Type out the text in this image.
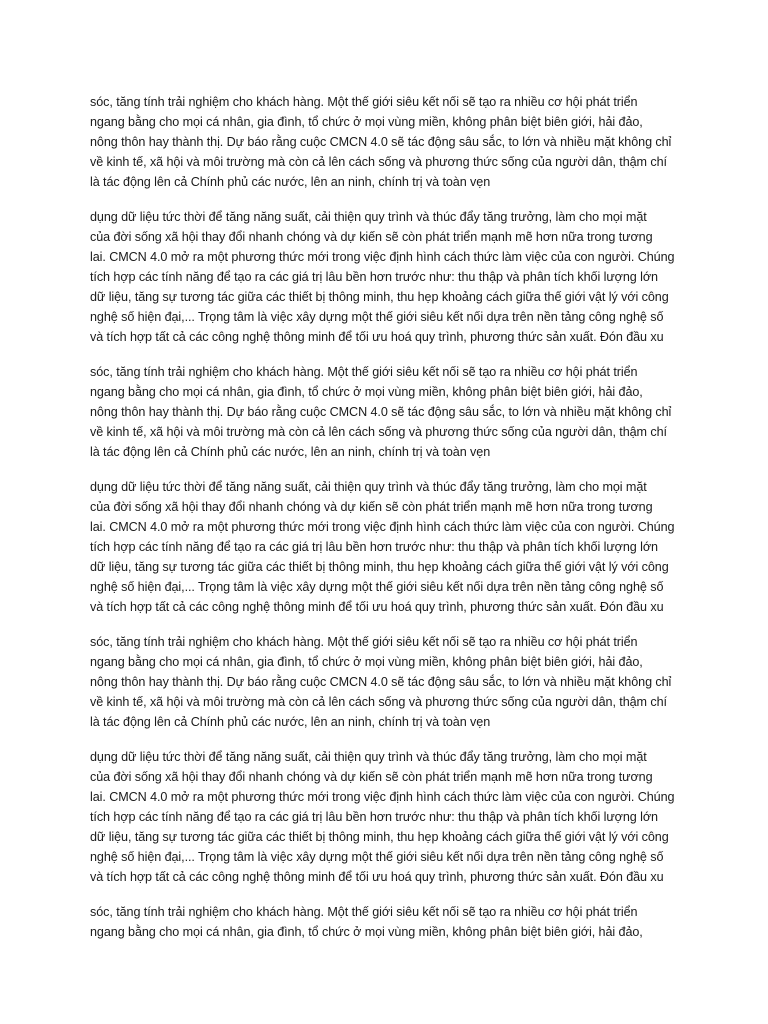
sóc, tăng tính trải nghiệm cho khách hàng. Một thế giới siêu kết nối sẽ tạo ra nhiều cơ hội phát triển
ngang bằng cho mọi cá nhân, gia đình, tổ chức ở mọi vùng miền, không phân biệt biên giới, hải đảo,
nông thôn hay thành thị. Dự báo rằng cuộc CMCN 4.0 sẽ tác động sâu sắc, to lớn và nhiều mặt không chỉ
về kinh tế, xã hội và môi trường mà còn cả lên cách sống và phương thức sống của người dân, thậm chí
là tác động lên cả Chính phủ các nước, lên an ninh, chính trị và toàn vẹn
dụng dữ liệu tức thời để tăng năng suất, cải thiện quy trình và thúc đẩy tăng trưởng, làm cho mọi mặt
của đời sống xã hội thay đổi nhanh chóng và dự kiến sẽ còn phát triển mạnh mẽ hơn nữa trong tương
lai. CMCN 4.0 mở ra một phương thức mới trong việc định hình cách thức làm việc của con người. Chúng
tích hợp các tính năng để tạo ra các giá trị lâu bền hơn trước như: thu thập và phân tích khối lượng lớn
dữ liệu, tăng sự tương tác giữa các thiết bị thông minh, thu hẹp khoảng cách giữa thế giới vật lý với công
nghệ số hiện đại,... Trọng tâm là việc xây dựng một thế giới siêu kết nối dựa trên nền tảng công nghệ số
và tích hợp tất cả các công nghệ thông minh để tối ưu hoá quy trình, phương thức sản xuất. Đón đầu xu
sóc, tăng tính trải nghiệm cho khách hàng. Một thế giới siêu kết nối sẽ tạo ra nhiều cơ hội phát triển
ngang bằng cho mọi cá nhân, gia đình, tổ chức ở mọi vùng miền, không phân biệt biên giới, hải đảo,
nông thôn hay thành thị. Dự báo rằng cuộc CMCN 4.0 sẽ tác động sâu sắc, to lớn và nhiều mặt không chỉ
về kinh tế, xã hội và môi trường mà còn cả lên cách sống và phương thức sống của người dân, thậm chí
là tác động lên cả Chính phủ các nước, lên an ninh, chính trị và toàn vẹn
dụng dữ liệu tức thời để tăng năng suất, cải thiện quy trình và thúc đẩy tăng trưởng, làm cho mọi mặt
của đời sống xã hội thay đổi nhanh chóng và dự kiến sẽ còn phát triển mạnh mẽ hơn nữa trong tương
lai. CMCN 4.0 mở ra một phương thức mới trong việc định hình cách thức làm việc của con người. Chúng
tích hợp các tính năng để tạo ra các giá trị lâu bền hơn trước như: thu thập và phân tích khối lượng lớn
dữ liệu, tăng sự tương tác giữa các thiết bị thông minh, thu hẹp khoảng cách giữa thế giới vật lý với công
nghệ số hiện đại,... Trọng tâm là việc xây dựng một thế giới siêu kết nối dựa trên nền tảng công nghệ số
và tích hợp tất cả các công nghệ thông minh để tối ưu hoá quy trình, phương thức sản xuất. Đón đầu xu
sóc, tăng tính trải nghiệm cho khách hàng. Một thế giới siêu kết nối sẽ tạo ra nhiều cơ hội phát triển
ngang bằng cho mọi cá nhân, gia đình, tổ chức ở mọi vùng miền, không phân biệt biên giới, hải đảo,
nông thôn hay thành thị. Dự báo rằng cuộc CMCN 4.0 sẽ tác động sâu sắc, to lớn và nhiều mặt không chỉ
về kinh tế, xã hội và môi trường mà còn cả lên cách sống và phương thức sống của người dân, thậm chí
là tác động lên cả Chính phủ các nước, lên an ninh, chính trị và toàn vẹn
dụng dữ liệu tức thời để tăng năng suất, cải thiện quy trình và thúc đẩy tăng trưởng, làm cho mọi mặt
của đời sống xã hội thay đổi nhanh chóng và dự kiến sẽ còn phát triển mạnh mẽ hơn nữa trong tương
lai. CMCN 4.0 mở ra một phương thức mới trong việc định hình cách thức làm việc của con người. Chúng
tích hợp các tính năng để tạo ra các giá trị lâu bền hơn trước như: thu thập và phân tích khối lượng lớn
dữ liệu, tăng sự tương tác giữa các thiết bị thông minh, thu hẹp khoảng cách giữa thế giới vật lý với công
nghệ số hiện đại,... Trọng tâm là việc xây dựng một thế giới siêu kết nối dựa trên nền tảng công nghệ số
và tích hợp tất cả các công nghệ thông minh để tối ưu hoá quy trình, phương thức sản xuất. Đón đầu xu
sóc, tăng tính trải nghiệm cho khách hàng. Một thế giới siêu kết nối sẽ tạo ra nhiều cơ hội phát triển
ngang bằng cho mọi cá nhân, gia đình, tổ chức ở mọi vùng miền, không phân biệt biên giới, hải đảo,
